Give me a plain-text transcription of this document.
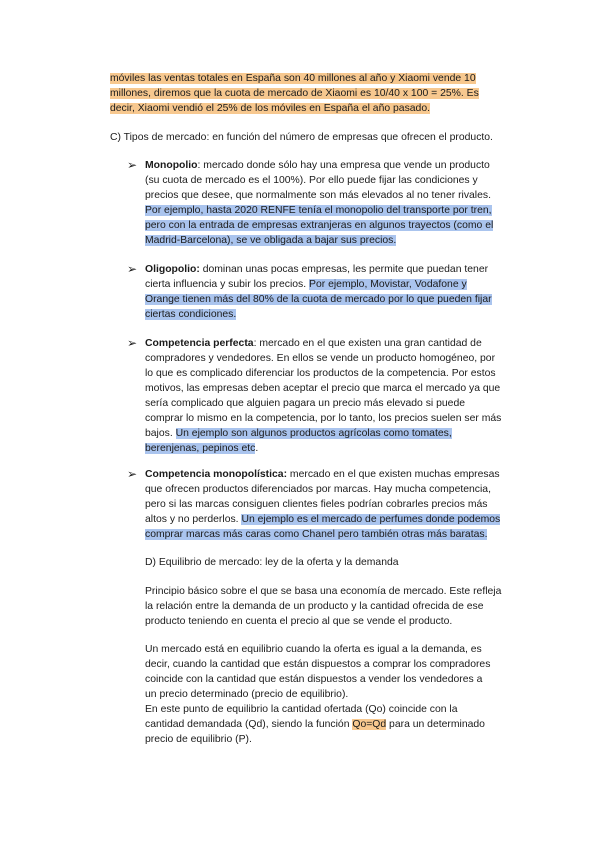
móviles las ventas totales en España son 40 millones al año y Xiaomi vende 10
millones, diremos que la cuota de mercado de Xiaomi es 10/40 x 100 = 25%. Es
decir, Xiaomi vendió el 25% de los móviles en España el año pasado.
C) Tipos de mercado: en función del número de empresas que ofrecen el producto.
➢ Monopolio: mercado donde sólo hay una empresa que vende un producto
(su cuota de mercado es el 100%). Por ello puede fijar las condiciones y
precios que desee, que normalmente son más elevados al no tener rivales.
Por ejemplo, hasta 2020 RENFE tenía el monopolio del transporte por tren,
pero con la entrada de empresas extranjeras en algunos trayectos (como el
Madrid-Barcelona), se ve obligada a bajar sus precios.
➢ Oligopolio: dominan unas pocas empresas, les permite que puedan tener
cierta influencia y subir los precios. Por ejemplo, Movistar, Vodafone y
Orange tienen más del 80% de la cuota de mercado por lo que pueden fijar
ciertas condiciones.
➢ Competencia perfecta: mercado en el que existen una gran cantidad de
compradores y vendedores. En ellos se vende un producto homogéneo, por
lo que es complicado diferenciar los productos de la competencia. Por estos
motivos, las empresas deben aceptar el precio que marca el mercado ya que
sería complicado que alguien pagara un precio más elevado si puede
comprar lo mismo en la competencia, por lo tanto, los precios suelen ser más
bajos. Un ejemplo son algunos productos agrícolas como tomates,
berenjenas, pepinos etc.
➢ Competencia monopolística: mercado en el que existen muchas empresas
que ofrecen productos diferenciados por marcas. Hay mucha competencia,
pero si las marcas consiguen clientes fieles podrían cobrarles precios más
altos y no perderlos. Un ejemplo es el mercado de perfumes donde podemos
comprar marcas más caras como Chanel pero también otras más baratas.
D) Equilibrio de mercado: ley de la oferta y la demanda
Principio básico sobre el que se basa una economía de mercado. Este refleja
la relación entre la demanda de un producto y la cantidad ofrecida de ese
producto teniendo en cuenta el precio al que se vende el producto.
Un mercado está en equilibrio cuando la oferta es igual a la demanda, es
decir, cuando la cantidad que están dispuestos a comprar los compradores
coincide con la cantidad que están dispuestos a vender los vendedores a
un precio determinado (precio de equilibrio).
En este punto de equilibrio la cantidad ofertada (Qo) coincide con la
cantidad demandada (Qd), siendo la función Qo=Qd para un determinado
precio de equilibrio (P).
